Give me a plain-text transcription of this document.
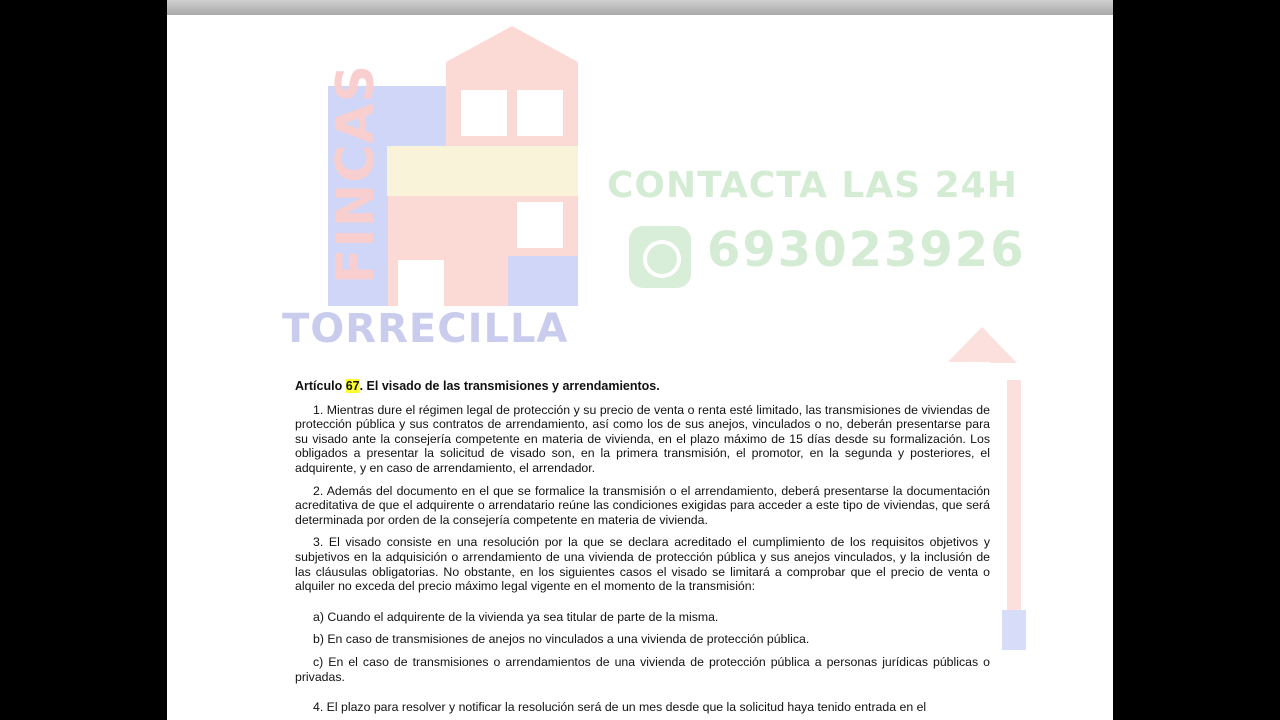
FINCAS
TORRECILLA
CONTACTA LAS 24H
693023926
Artículo 67. El visado de las transmisiones y arrendamientos.

1. Mientras dure el régimen legal de protección y su precio de venta o renta esté limitado, las transmisiones de viviendas de protección pública y sus contratos de arrendamiento, así como los de sus anejos, vinculados o no, deberán presentarse para su visado ante la consejería competente en materia de vivienda, en el plazo máximo de 15 días desde su formalización. Los obligados a presentar la solicitud de visado son, en la primera transmisión, el promotor, en la segunda y posteriores, el adquirente, y en caso de arrendamiento, el arrendador.

2. Además del documento en el que se formalice la transmisión o el arrendamiento, deberá presentarse la documentación acreditativa de que el adquirente o arrendatario reúne las condiciones exigidas para acceder a este tipo de viviendas, que será determinada por orden de la consejería competente en materia de vivienda.

3. El visado consiste en una resolución por la que se declara acreditado el cumplimiento de los requisitos objetivos y subjetivos en la adquisición o arrendamiento de una vivienda de protección pública y sus anejos vinculados, y la inclusión de las cláusulas obligatorias. No obstante, en los siguientes casos el visado se limitará a comprobar que el precio de venta o alquiler no exceda del precio máximo legal vigente en el momento de la transmisión:

a) Cuando el adquirente de la vivienda ya sea titular de parte de la misma.

b) En caso de transmisiones de anejos no vinculados a una vivienda de protección pública.

c) En el caso de transmisiones o arrendamientos de una vivienda de protección pública a personas jurídicas públicas o privadas.

4. El plazo para resolver y notificar la resolución será de un mes desde que la solicitud haya tenido entrada en el
